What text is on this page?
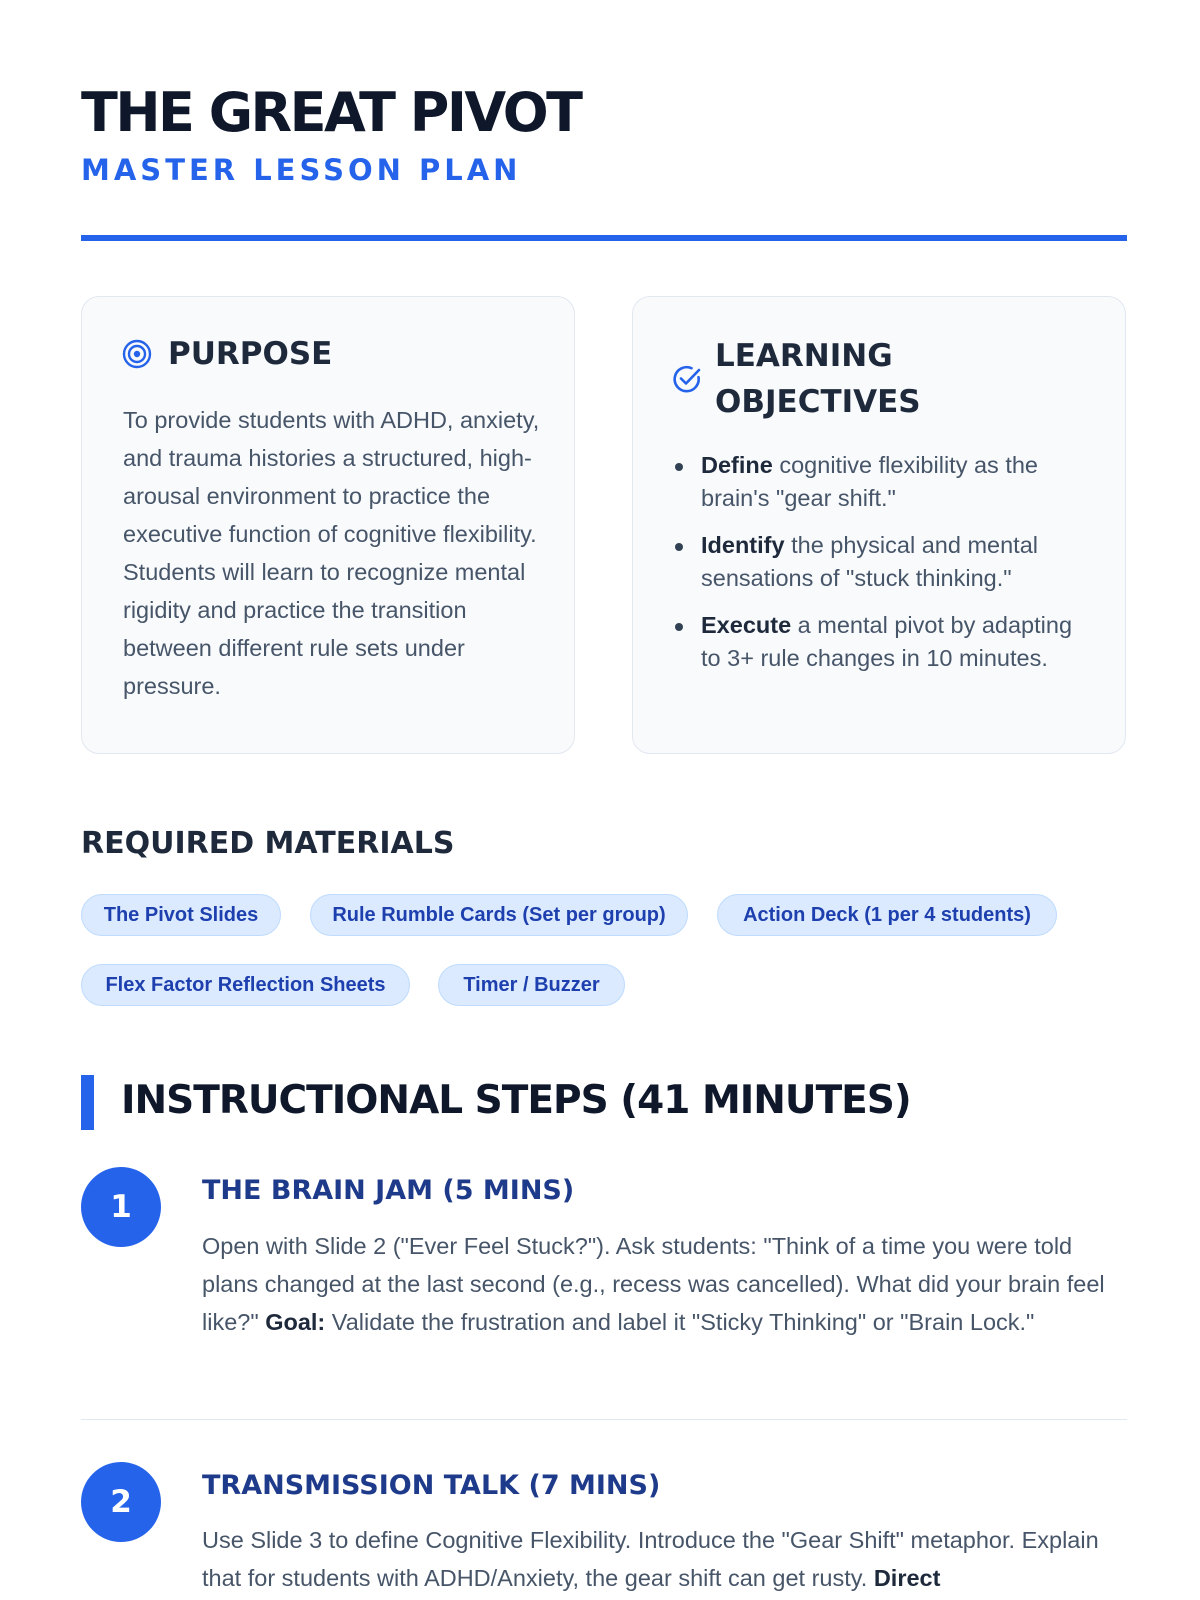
THE GREAT PIVOT
MASTER LESSON PLAN
PURPOSE

To provide students with ADHD, anxiety, and trauma histories a structured, high-arousal environment to practice the executive function of cognitive flexibility. Students will learn to recognize mental rigidity and practice the transition between different rule sets under pressure.

LEARNING
OBJECTIVES
Define cognitive flexibility as the brain's "gear shift."
Identify the physical and mental sensations of "stuck thinking."
Execute a mental pivot by adapting to 3+ rule changes in 10 minutes.
REQUIRED MATERIALS
The Pivot Slides	Rule Rumble Cards (Set per group)	Action Deck (1 per 4 students)
Flex Factor Reflection Sheets	Timer / Buzzer
INSTRUCTIONAL STEPS (41 MINUTES)
1	THE BRAIN JAM (5 MINS)

Open with Slide 2 ("Ever Feel Stuck?"). Ask students: "Think of a time you were told plans changed at the last second (e.g., recess was cancelled). What did your brain feel like?" Goal: Validate the frustration and label it "Sticky Thinking" or "Brain Lock."

2	TRANSMISSION TALK (7 MINS)

Use Slide 3 to define Cognitive Flexibility. Introduce the "Gear Shift" metaphor. Explain that for students with ADHD/Anxiety, the gear shift can get rusty. Direct
